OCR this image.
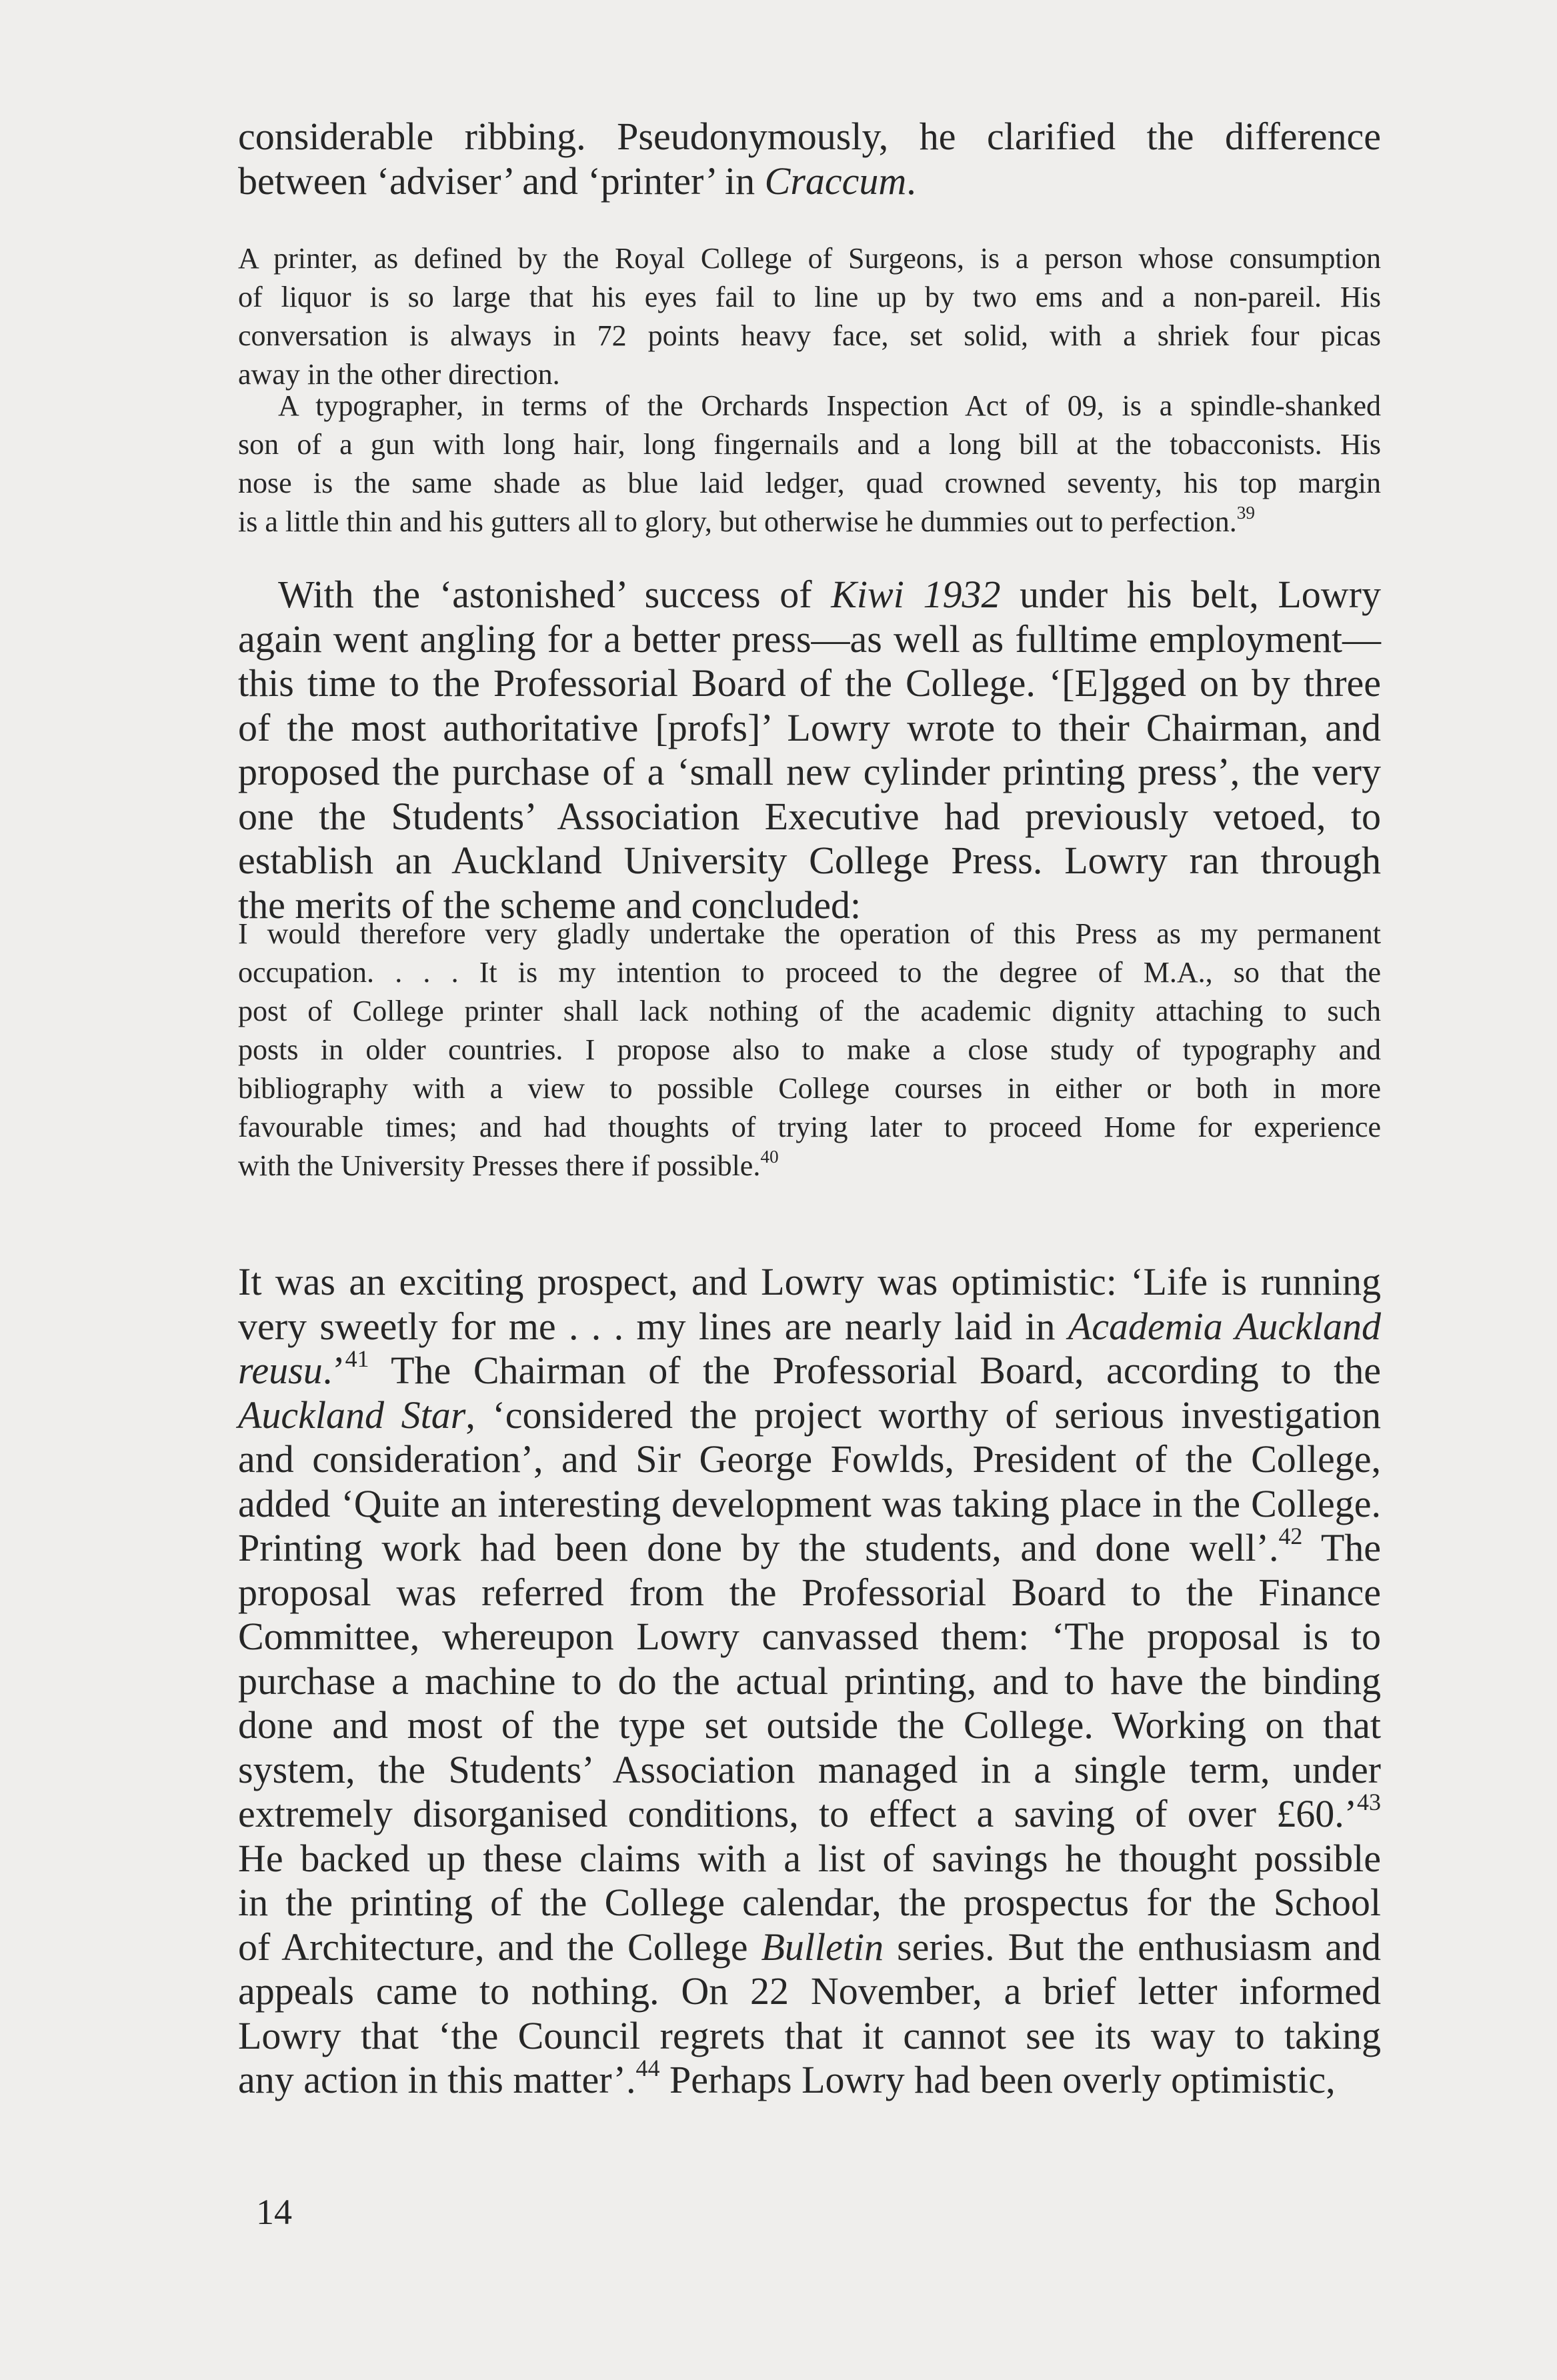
considerable ribbing. Pseudonymously, he clarified the difference
between ‘adviser’ and ‘printer’ in Craccum.
A printer, as defined by the Royal College of Surgeons, is a person whose consumption
of liquor is so large that his eyes fail to line up by two ems and a non-pareil. His
conversation is always in 72 points heavy face, set solid, with a shriek four picas
away in the other direction.
A typographer, in terms of the Orchards Inspection Act of 09, is a spindle-shanked
son of a gun with long hair, long fingernails and a long bill at the tobacconists. His
nose is the same shade as blue laid ledger, quad crowned seventy, his top margin
is a little thin and his gutters all to glory, but otherwise he dummies out to perfection.$^{39}$
With the ‘astonished’ success of Kiwi 1932 under his belt, Lowry
again went angling for a better press—as well as fulltime employment—
this time to the Professorial Board of the College. ‘[E]gged on by three
of the most authoritative [profs]’ Lowry wrote to their Chairman, and
proposed the purchase of a ‘small new cylinder printing press’, the very
one the Students’ Association Executive had previously vetoed, to
establish an Auckland University College Press. Lowry ran through
the merits of the scheme and concluded:
I would therefore very gladly undertake the operation of this Press as my permanent
occupation. . . . It is my intention to proceed to the degree of M.A., so that the
post of College printer shall lack nothing of the academic dignity attaching to such
posts in older countries. I propose also to make a close study of typography and
bibliography with a view to possible College courses in either or both in more
favourable times; and had thoughts of trying later to proceed Home for experience
with the University Presses there if possible.$^{40}$
It was an exciting prospect, and Lowry was optimistic: ‘Life is running
very sweetly for me . . . my lines are nearly laid in Academia Auckland
reusu.’$^{41}$ The Chairman of the Professorial Board, according to the
Auckland Star, ‘considered the project worthy of serious investigation
and consideration’, and Sir George Fowlds, President of the College,
added ‘Quite an interesting development was taking place in the College.
Printing work had been done by the students, and done well’.$^{42}$ The
proposal was referred from the Professorial Board to the Finance
Committee, whereupon Lowry canvassed them: ‘The proposal is to
purchase a machine to do the actual printing, and to have the binding
done and most of the type set outside the College. Working on that
system, the Students’ Association managed in a single term, under
extremely disorganised conditions, to effect a saving of over £60.’$^{43}$
He backed up these claims with a list of savings he thought possible
in the printing of the College calendar, the prospectus for the School
of Architecture, and the College Bulletin series. But the enthusiasm and
appeals came to nothing. On 22 November, a brief letter informed
Lowry that ‘the Council regrets that it cannot see its way to taking
any action in this matter’.$^{44}$ Perhaps Lowry had been overly optimistic,
14
